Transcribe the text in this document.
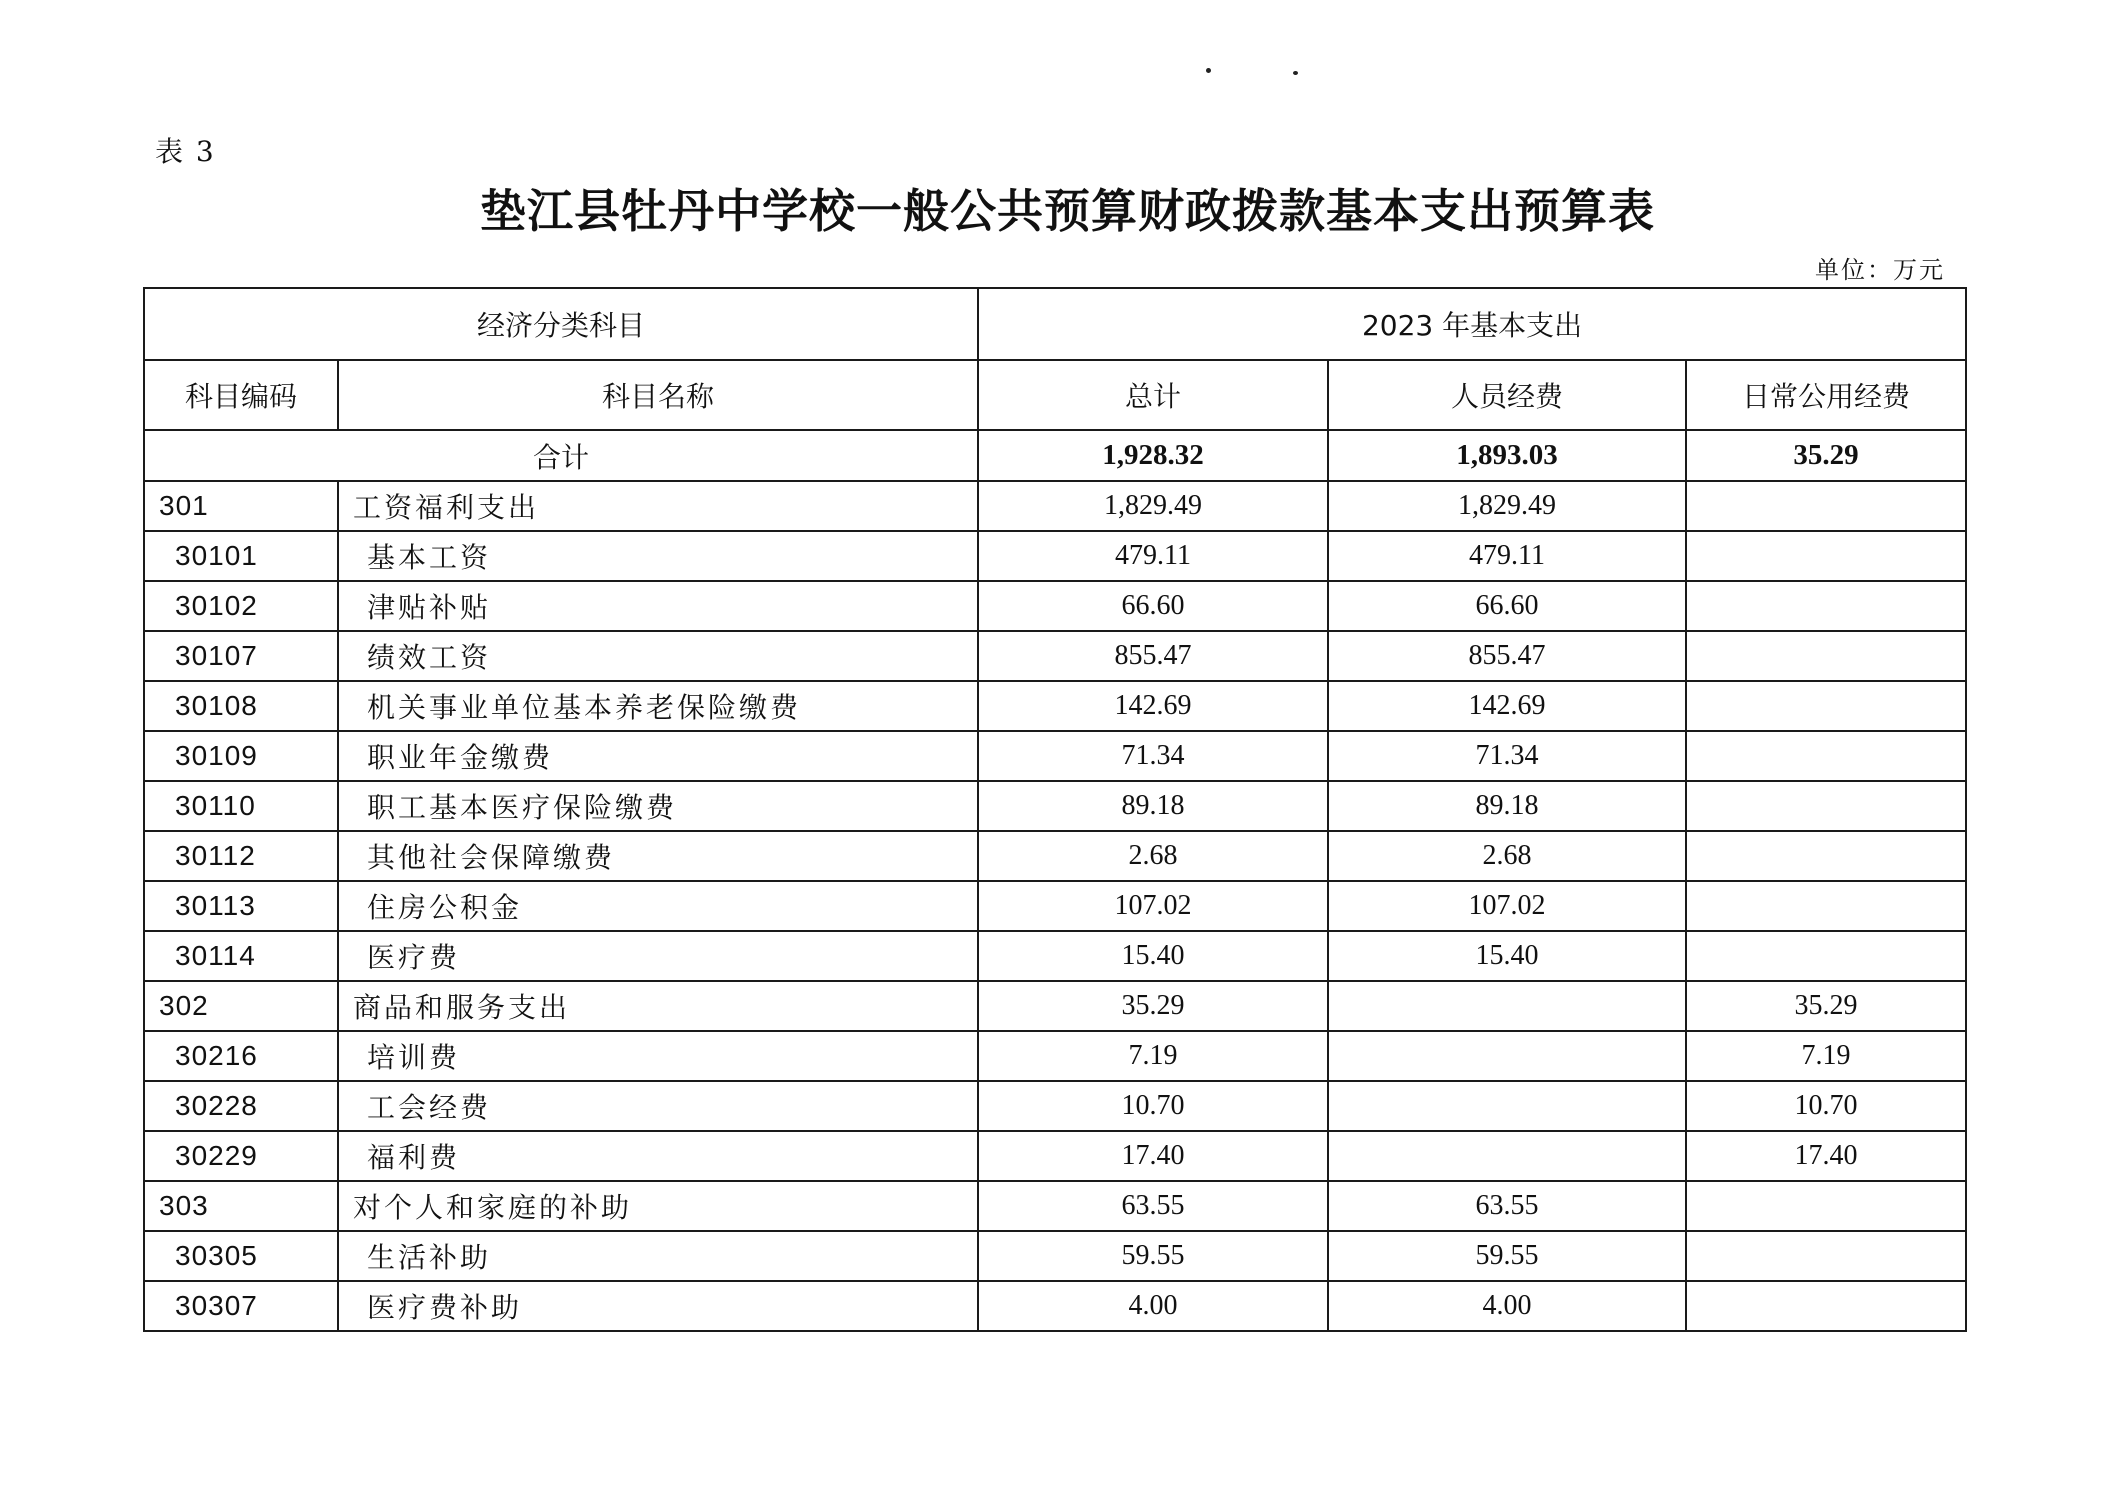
表 3
垫江县牡丹中学校一般公共预算财政拨款基本支出预算表
单位：万元
经济分类科目		2023 年基本支出		
科目编码	科目名称	总计	人员经费	日常公用经费
合计		1,928.32	1,893.03	35.29
301	工资福利支出	1,829.49	1,829.49	
30101	基本工资	479.11	479.11	
30102	津贴补贴	66.60	66.60	
30107	绩效工资	855.47	855.47	
30108	机关事业单位基本养老保险缴费	142.69	142.69	
30109	职业年金缴费	71.34	71.34	
30110	职工基本医疗保险缴费	89.18	89.18	
30112	其他社会保障缴费	2.68	2.68	
30113	住房公积金	107.02	107.02	
30114	医疗费	15.40	15.40	
302	商品和服务支出	35.29		35.29
30216	培训费	7.19		7.19
30228	工会经费	10.70		10.70
30229	福利费	17.40		17.40
303	对个人和家庭的补助	63.55	63.55	
30305	生活补助	59.55	59.55	
30307	医疗费补助	4.00	4.00	
